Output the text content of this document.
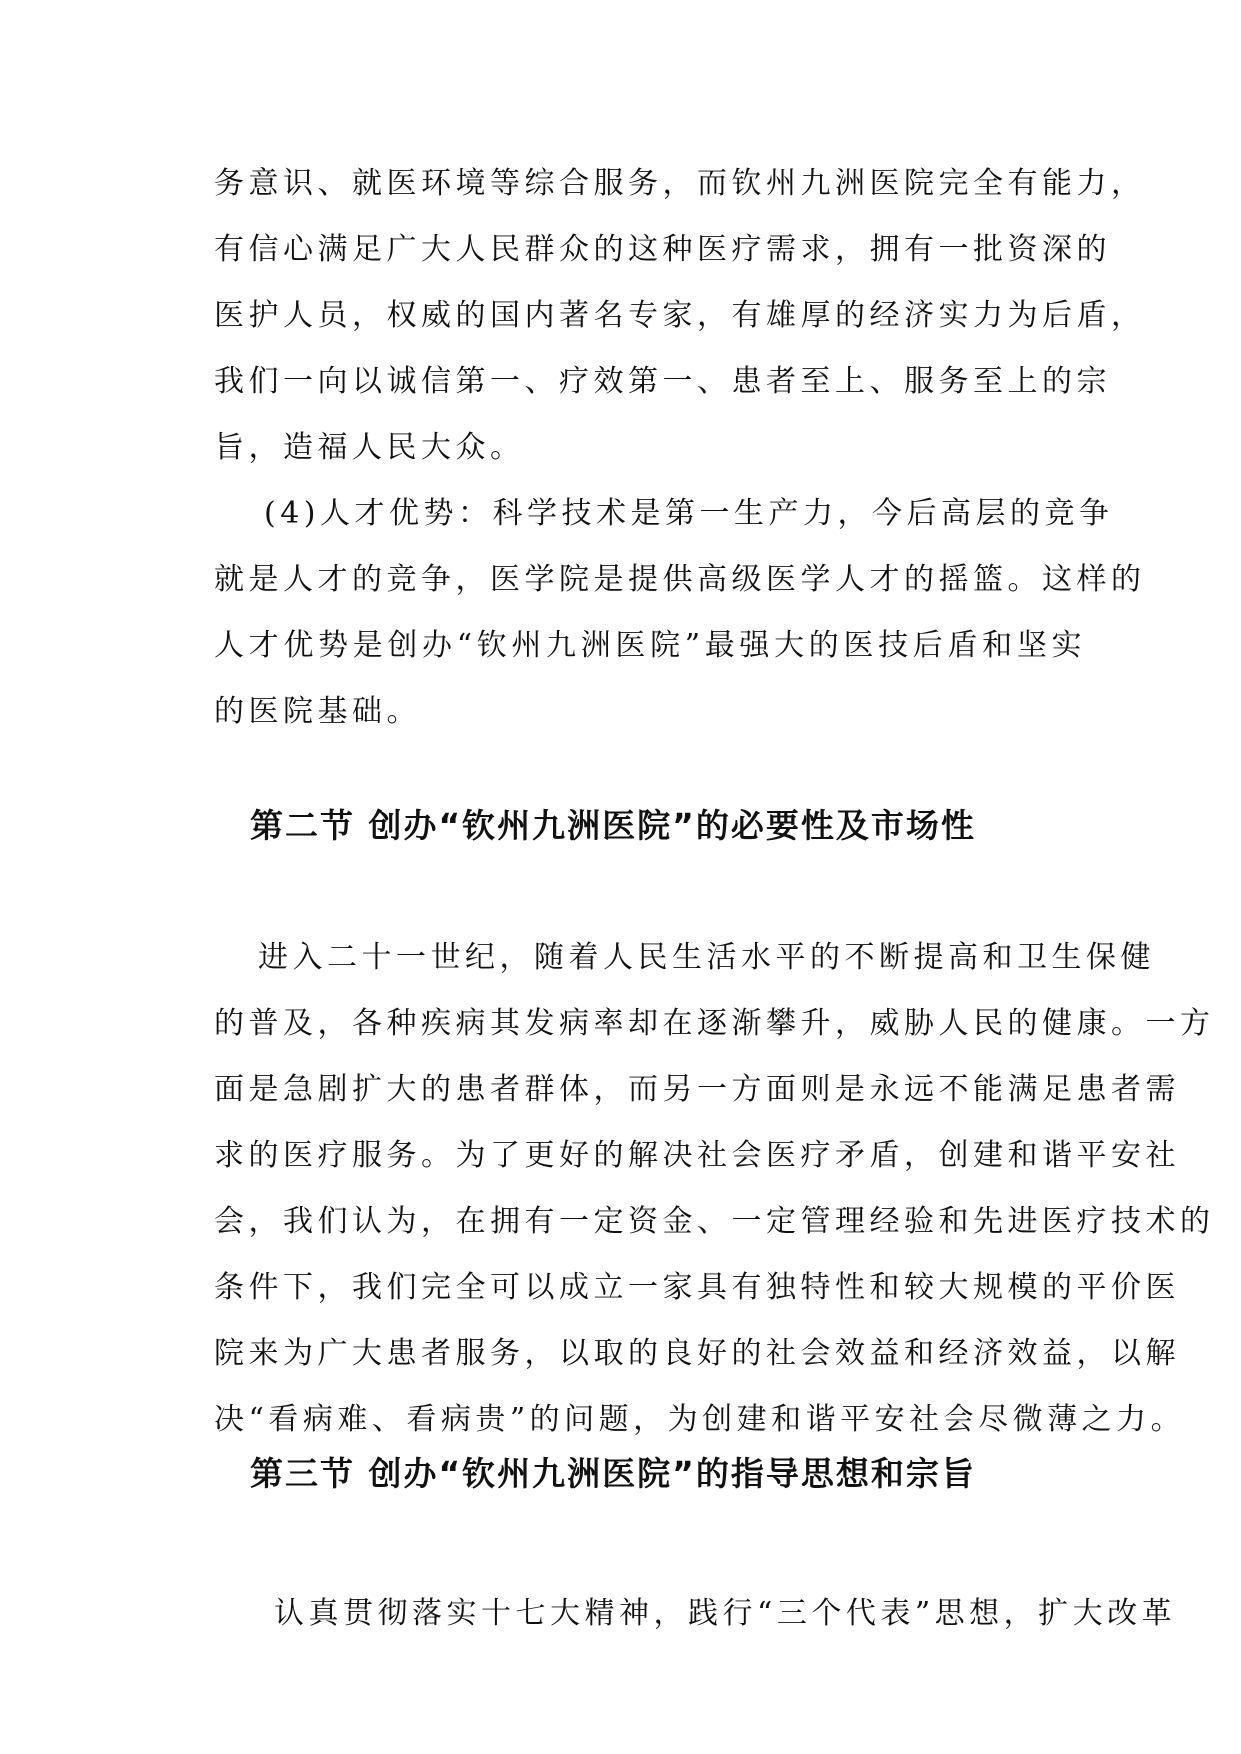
务意识、就医环境等综合服务，而钦州九洲医院完全有能力，
有信心满足广大人民群众的这种医疗需求，拥有一批资深的
医护人员，权威的国内著名专家，有雄厚的经济实力为后盾，
我们一向以诚信第一、疗效第一、患者至上、服务至上的宗
旨，造福人民大众。
(4)人才优势：科学技术是第一生产力，今后高层的竞争
就是人才的竞争，医学院是提供高级医学人才的摇篮。这样的
人才优势是创办“钦州九洲医院”最强大的医技后盾和坚实
的医院基础。
第二节 创办“钦州九洲医院”的必要性及市场性
进入二十一世纪，随着人民生活水平的不断提高和卫生保健
的普及，各种疾病其发病率却在逐渐攀升，威胁人民的健康。一方
面是急剧扩大的患者群体，而另一方面则是永远不能满足患者需
求的医疗服务。为了更好的解决社会医疗矛盾，创建和谐平安社
会，我们认为，在拥有一定资金、一定管理经验和先进医疗技术的
条件下，我们完全可以成立一家具有独特性和较大规模的平价医
院来为广大患者服务，以取的良好的社会效益和经济效益，以解
决“看病难、看病贵”的问题，为创建和谐平安社会尽微薄之力。
第三节 创办“钦州九洲医院”的指导思想和宗旨
认真贯彻落实十七大精神，践行“三个代表”思想，扩大改革
